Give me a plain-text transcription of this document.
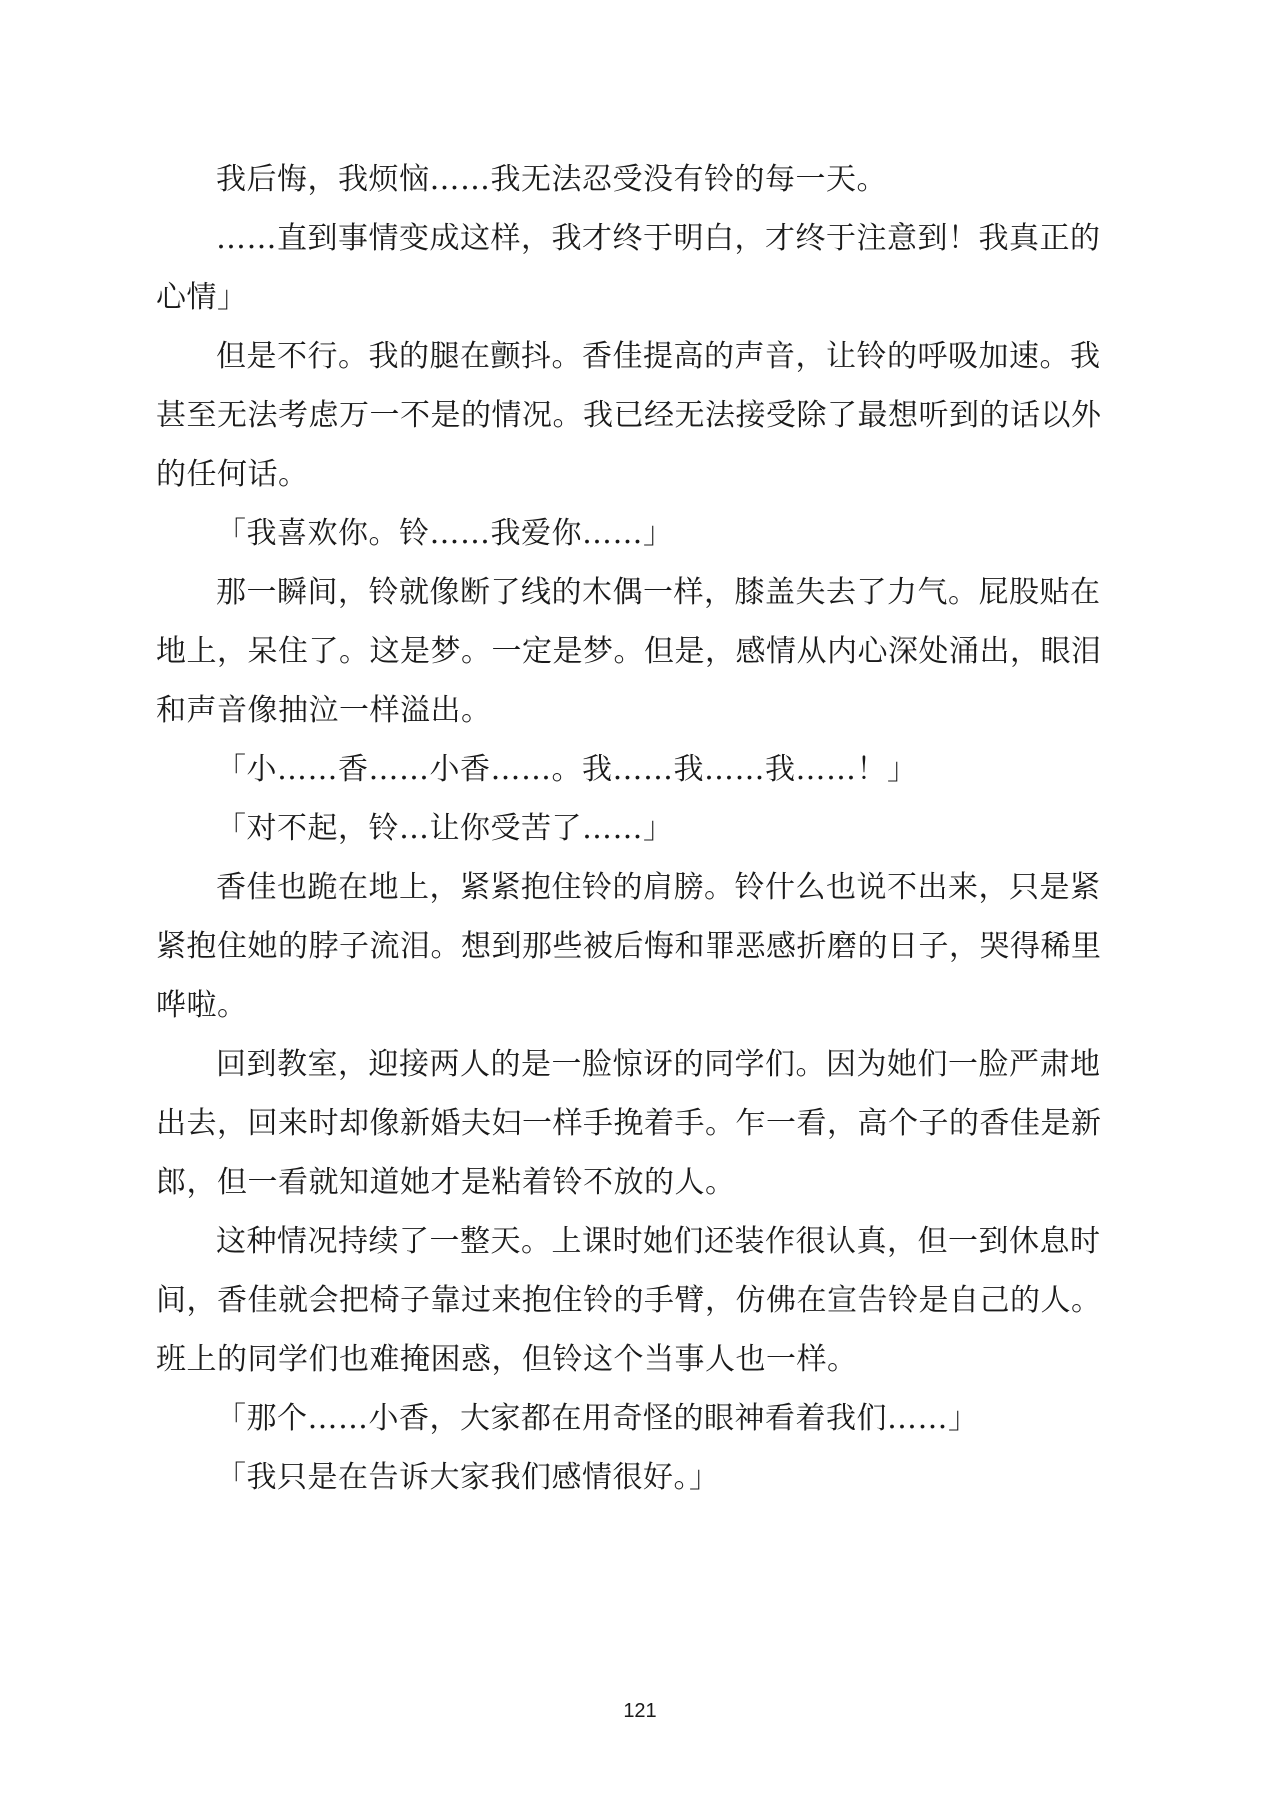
我后悔，我烦恼……我无法忍受没有铃的每一天。

……直到事情变成这样，我才终于明白，才终于注意到！我真正的心情」

但是不行。我的腿在颤抖。香佳提高的声音，让铃的呼吸加速。我甚至无法考虑万一不是的情况。我已经无法接受除了最想听到的话以外的任何话。

「我喜欢你。铃……我爱你……」

那一瞬间，铃就像断了线的木偶一样，膝盖失去了力气。屁股贴在地上，呆住了。这是梦。一定是梦。但是，感情从内心深处涌出，眼泪和声音像抽泣一样溢出。

「小……香……小香……。我……我……我……！」

「对不起，铃…让你受苦了……」

香佳也跪在地上，紧紧抱住铃的肩膀。铃什么也说不出来，只是紧紧抱住她的脖子流泪。想到那些被后悔和罪恶感折磨的日子，哭得稀里哗啦。

回到教室，迎接两人的是一脸惊讶的同学们。因为她们一脸严肃地出去，回来时却像新婚夫妇一样手挽着手。乍一看，高个子的香佳是新郎，但一看就知道她才是粘着铃不放的人。

这种情况持续了一整天。上课时她们还装作很认真，但一到休息时间，香佳就会把椅子靠过来抱住铃的手臂，仿佛在宣告铃是自己的人。班上的同学们也难掩困惑，但铃这个当事人也一样。

「那个……小香，大家都在用奇怪的眼神看着我们……」

「我只是在告诉大家我们感情很好。」

121
